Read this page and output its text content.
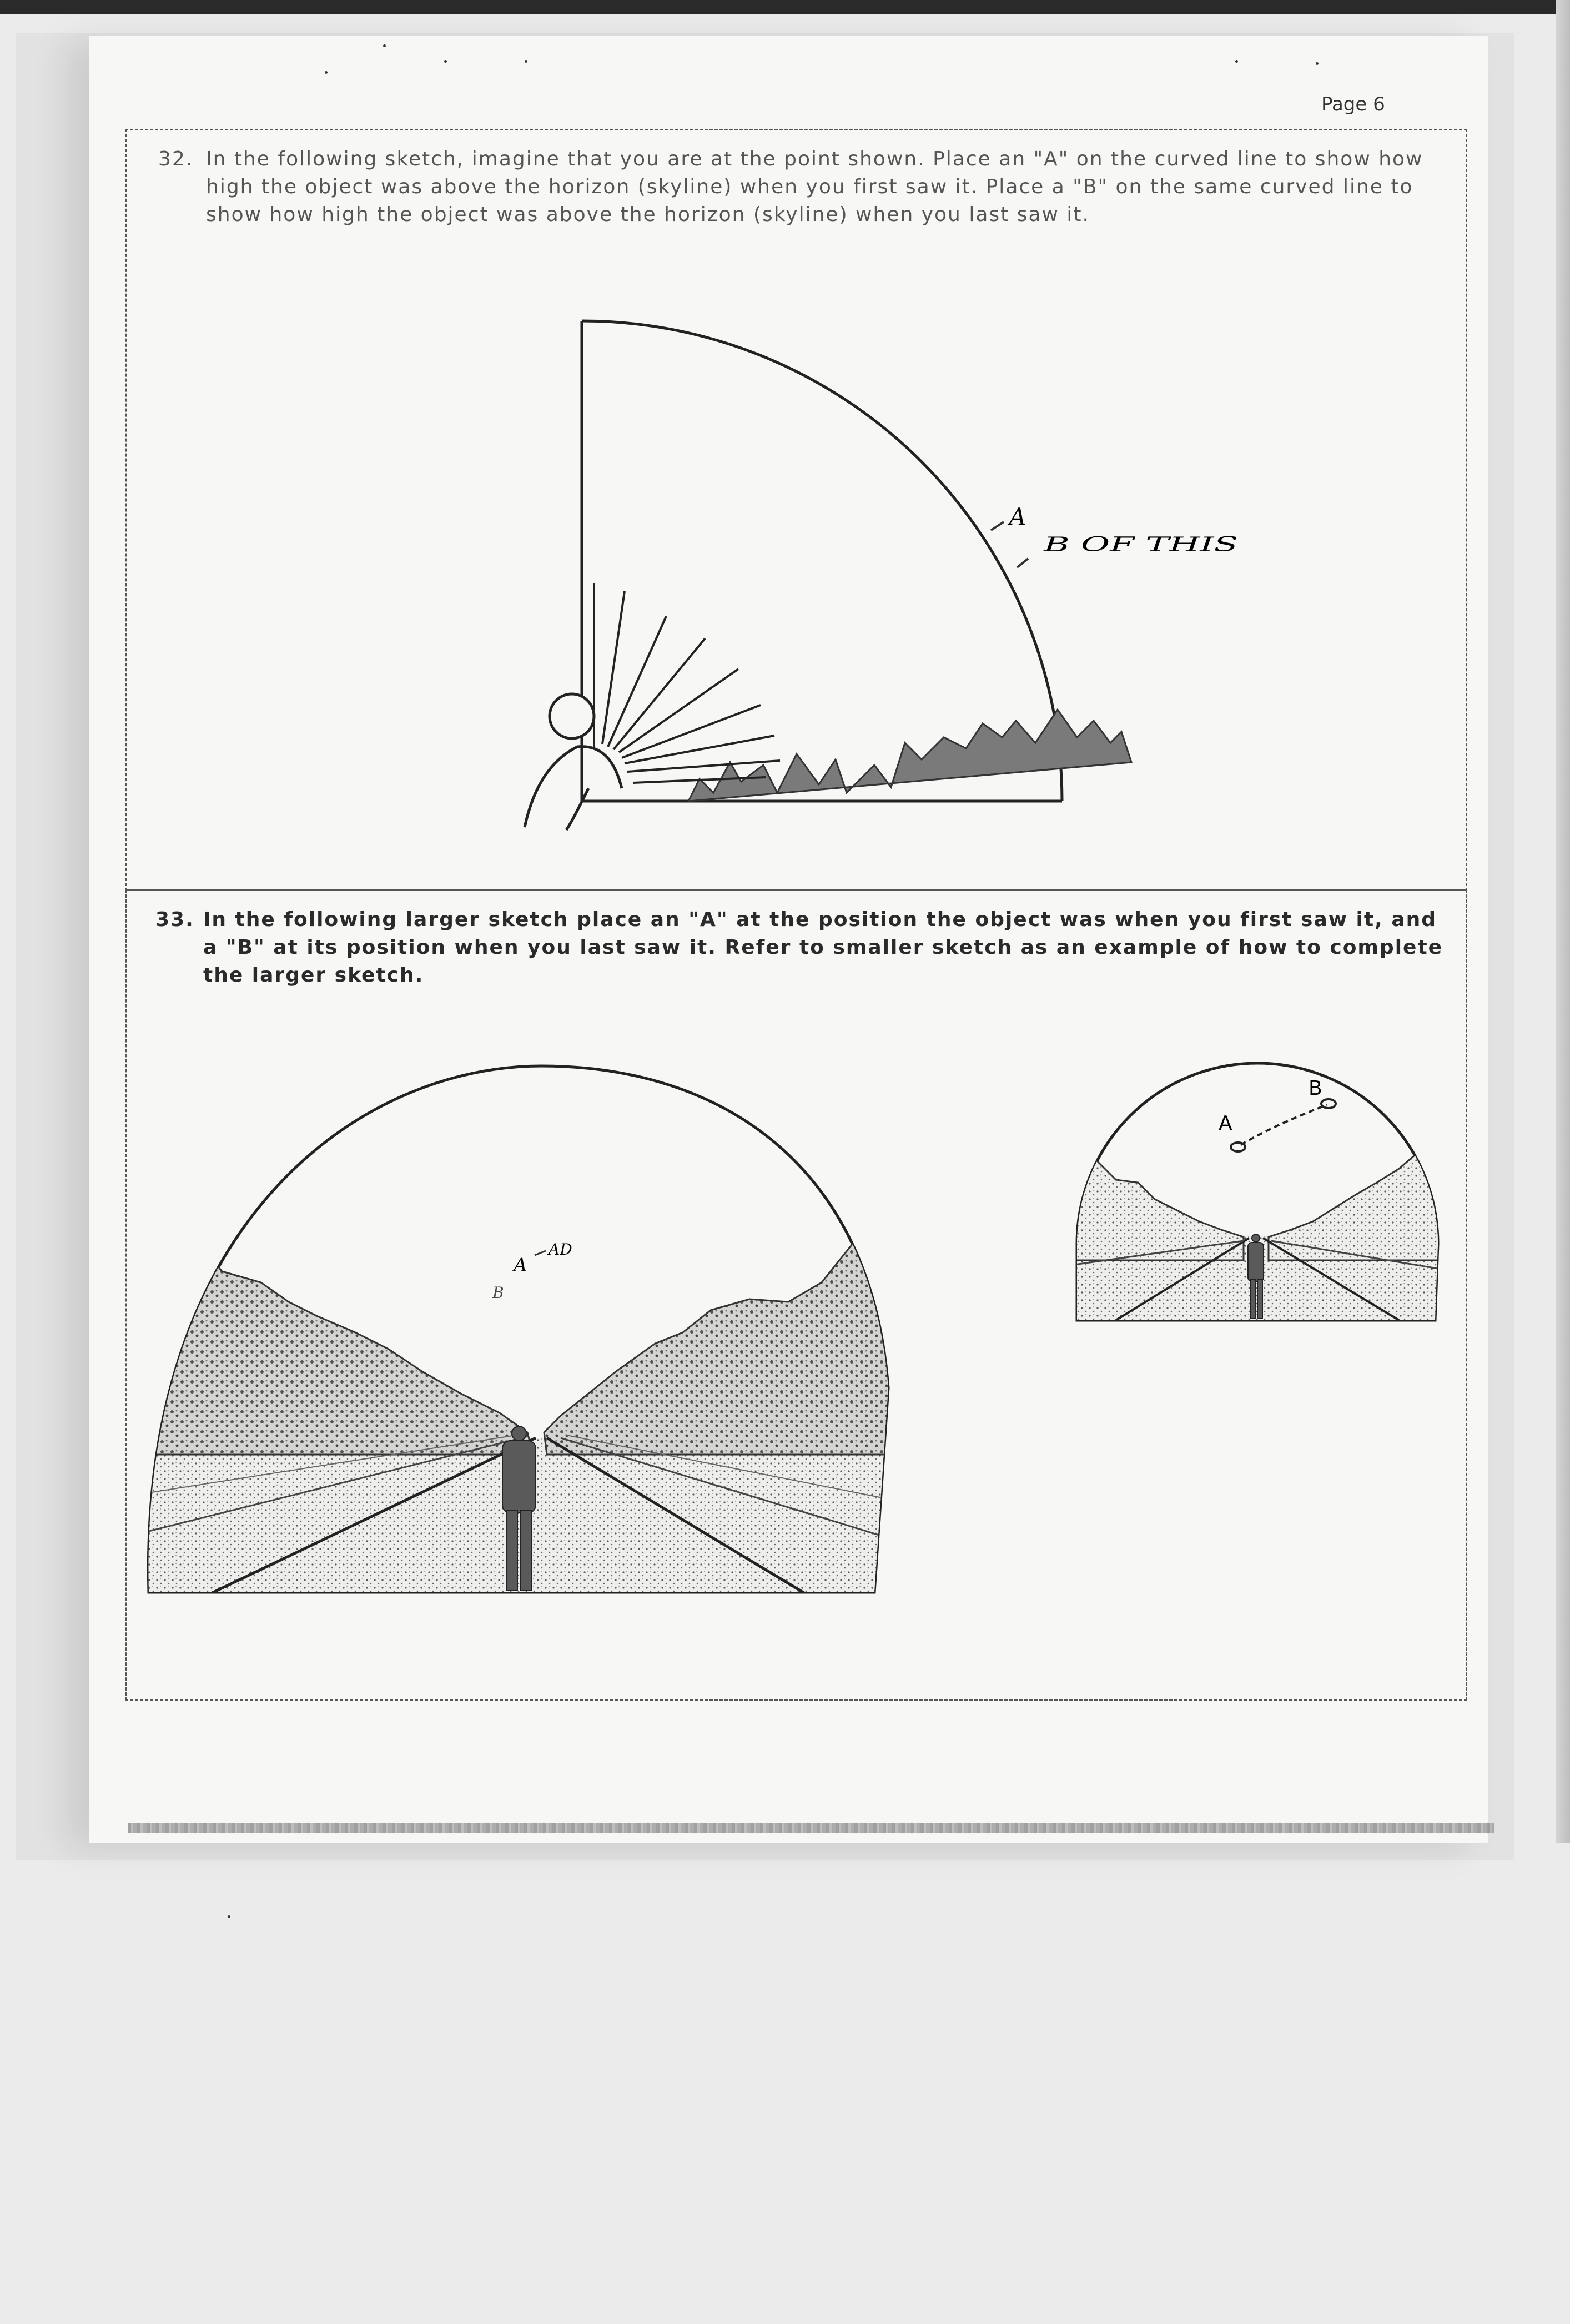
Page 6
32. In the following sketch, imagine that you are at the point shown. Place an "A" on the curved line to show how high the object was above the horizon (skyline) when you first saw it. Place a "B" on the same curved line to show how high the object was above the horizon (skyline) when you last saw it.
A
B OF THIS
33. In the following larger sketch place an "A" at the position the object was when you first saw it, and a "B" at its position when you last saw it. Refer to smaller sketch as an example of how to complete the larger sketch.
A
AD
B
A
B
